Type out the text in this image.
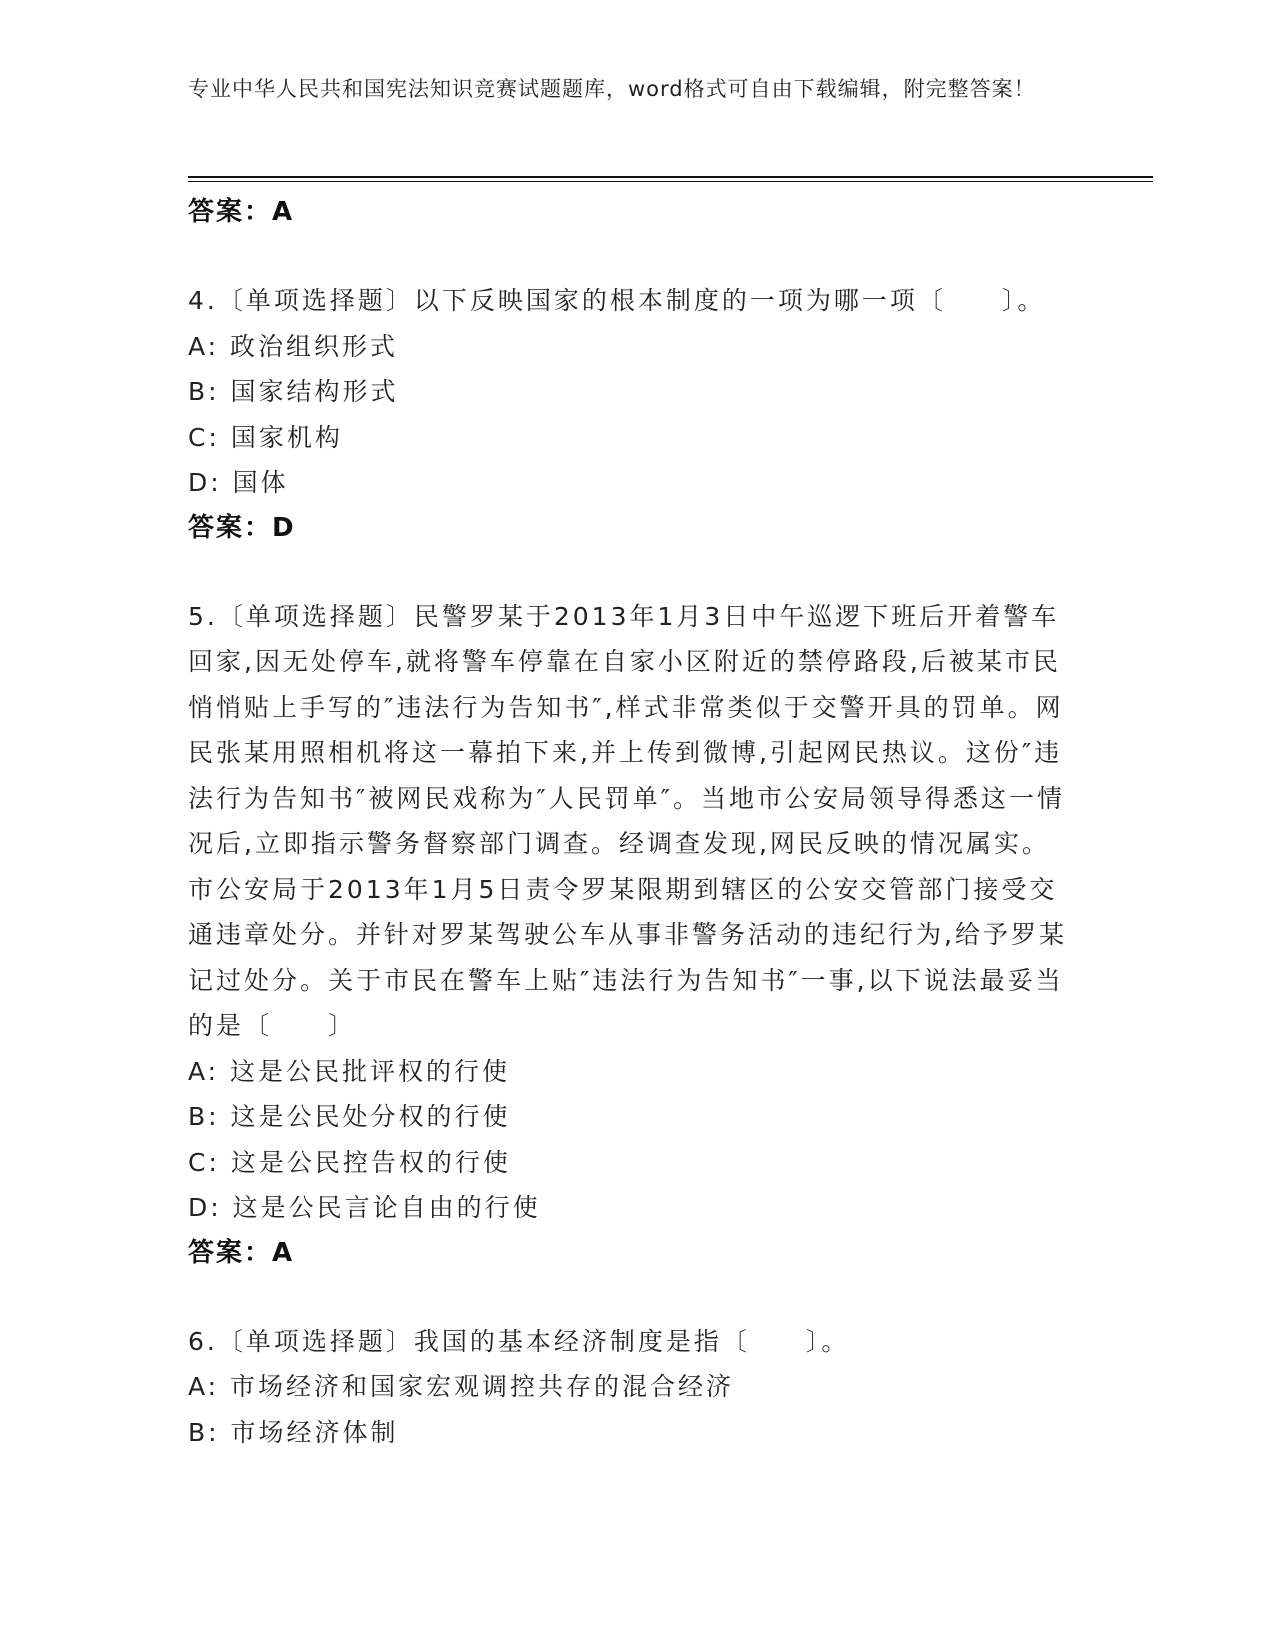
专业中华人民共和国宪法知识竞赛试题题库，word格式可自由下载编辑，附完整答案！
答案：A
4.〔单项选择题〕以下反映国家的根本制度的一项为哪一项〔　　〕。
A: 政治组织形式
B: 国家结构形式
C: 国家机构
D: 国体
答案：D
5.〔单项选择题〕民警罗某于2013年1月3日中午巡逻下班后开着警车回家,因无处停车,就将警车停靠在自家小区附近的禁停路段,后被某市民悄悄贴上手写的″违法行为告知书″,样式非常类似于交警开具的罚单。网民张某用照相机将这一幕拍下来,并上传到微博,引起网民热议。这份″违法行为告知书″被网民戏称为″人民罚单″。当地市公安局领导得悉这一情况后,立即指示警务督察部门调查。经调查发现,网民反映的情况属实。市公安局于2013年1月5日责令罗某限期到辖区的公安交管部门接受交通违章处分。并针对罗某驾驶公车从事非警务活动的违纪行为,给予罗某记过处分。关于市民在警车上贴″违法行为告知书″一事,以下说法最妥当的是〔　　〕
A: 这是公民批评权的行使
B: 这是公民处分权的行使
C: 这是公民控告权的行使
D: 这是公民言论自由的行使
答案：A
6.〔单项选择题〕我国的基本经济制度是指〔　　〕。
A: 市场经济和国家宏观调控共存的混合经济
B: 市场经济体制
